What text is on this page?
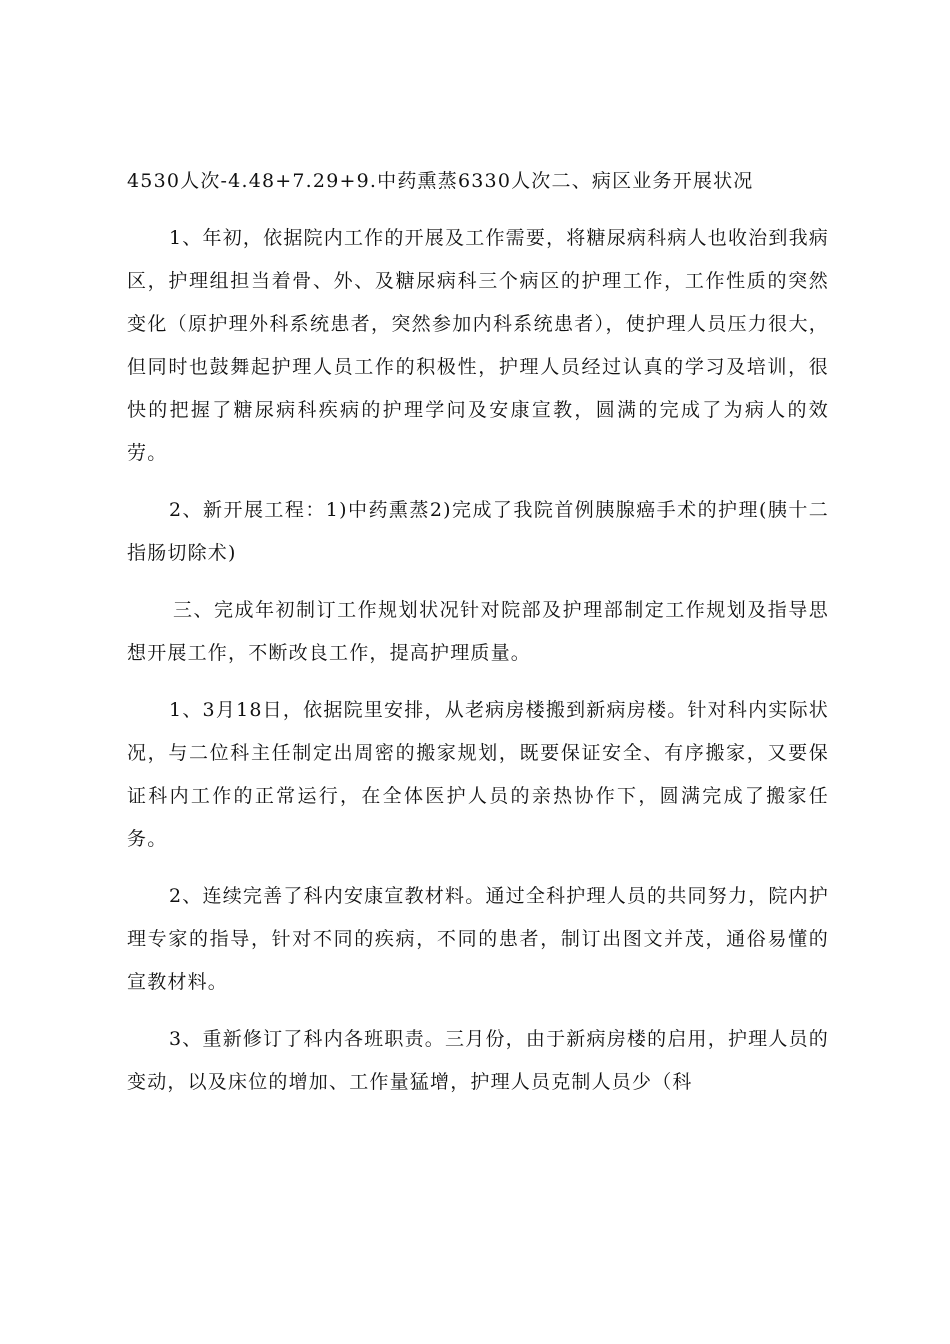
4530人次-4.48+7.29+9.中药熏蒸6330人次二、病区业务开展状况

1、年初，依据院内工作的开展及工作需要，将糖尿病科病人也收治到我病区，护理组担当着骨、外、及糖尿病科三个病区的护理工作，工作性质的突然变化（原护理外科系统患者，突然参加内科系统患者），使护理人员压力很大，但同时也鼓舞起护理人员工作的积极性，护理人员经过认真的学习及培训，很快的把握了糖尿病科疾病的护理学问及安康宣教，圆满的完成了为病人的效劳。

2、新开展工程：1)中药熏蒸2)完成了我院首例胰腺癌手术的护理(胰十二指肠切除术)

三、完成年初制订工作规划状况针对院部及护理部制定工作规划及指导思想开展工作，不断改良工作，提高护理质量。

1、3月18日，依据院里安排，从老病房楼搬到新病房楼。针对科内实际状况，与二位科主任制定出周密的搬家规划，既要保证安全、有序搬家，又要保证科内工作的正常运行，在全体医护人员的亲热协作下，圆满完成了搬家任务。

2、连续完善了科内安康宣教材料。通过全科护理人员的共同努力，院内护理专家的指导，针对不同的疾病，不同的患者，制订出图文并茂，通俗易懂的宣教材料。

3、重新修订了科内各班职责。三月份，由于新病房楼的启用，护理人员的变动，以及床位的增加、工作量猛增，护理人员克制人员少（科
